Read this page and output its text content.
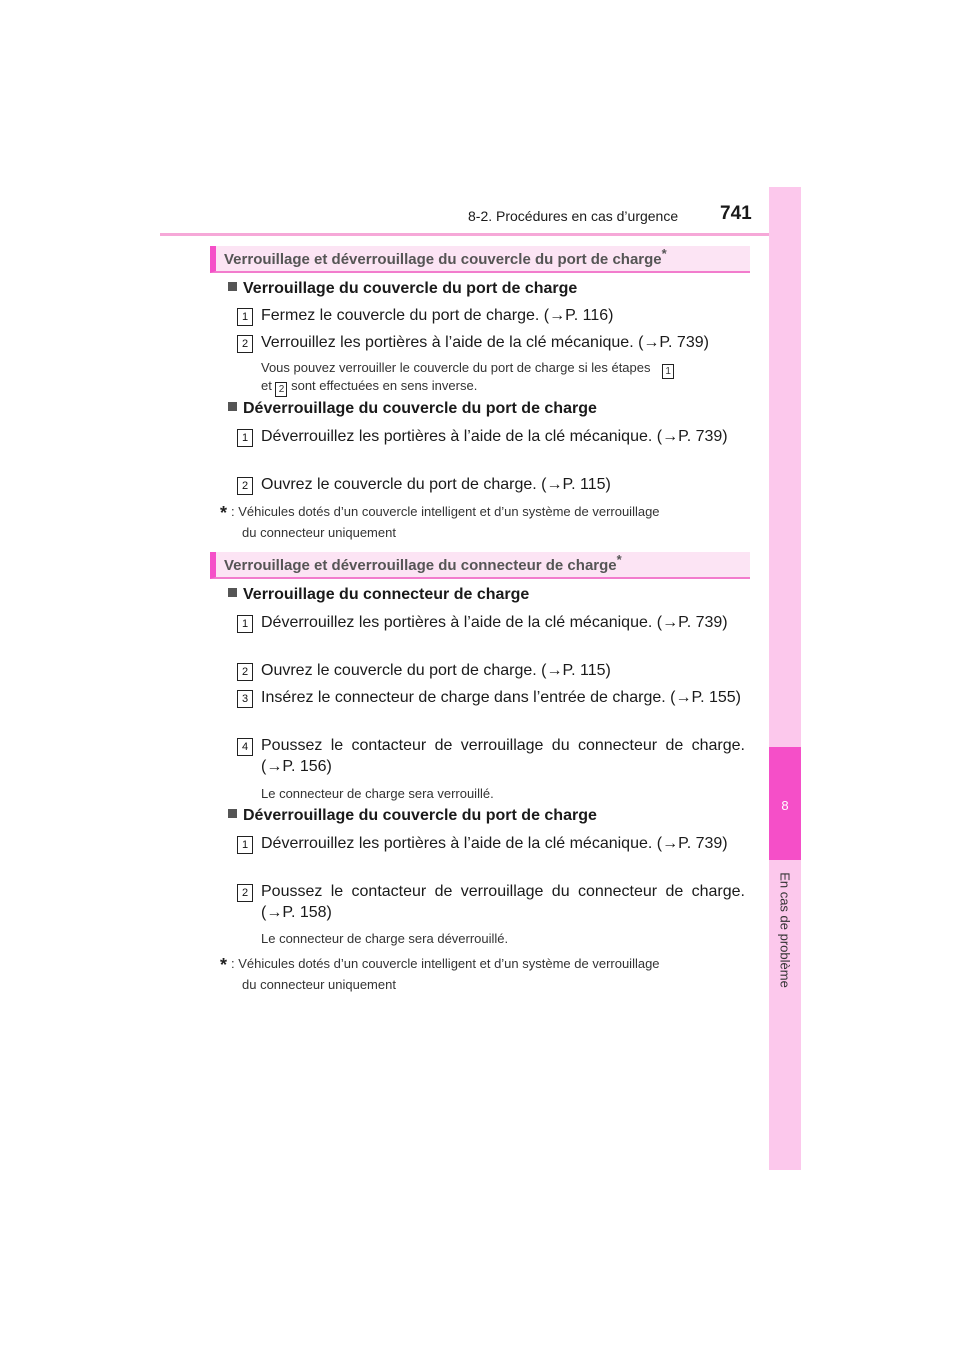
8-2. Procédures en cas d’urgence 741
8
En cas de problème
Verrouillage et déverrouillage du couvercle du port de charge*
Verrouillage du couvercle du port de charge
1 Fermez le couvercle du port de charge. (→P. 116)
2 Verrouillez les portières à l’aide de la clé mécanique. (→P. 739)
Vous pouvez verrouiller le couvercle du port de charge si les étapes 1
et 2 sont effectuées en sens inverse.
Déverrouillage du couvercle du port de charge
1 Déverrouillez les portières à l’aide de la clé mécanique. (→P. 739)
2 Ouvrez le couvercle du port de charge. (→P. 115)
* : Véhicules dotés d’un couvercle intelligent et d’un système de verrouillage
du connecteur uniquement
Verrouillage et déverrouillage du connecteur de charge*
Verrouillage du connecteur de charge
1 Déverrouillez les portières à l’aide de la clé mécanique. (→P. 739)
2 Ouvrez le couvercle du port de charge. (→P. 115)
3 Insérez le connecteur de charge dans l’entrée de charge. (→P. 155)
4 Poussez le contacteur de verrouillage du connecteur de charge. (→P. 156)
Le connecteur de charge sera verrouillé.
Déverrouillage du couvercle du port de charge
1 Déverrouillez les portières à l’aide de la clé mécanique. (→P. 739)
2 Poussez le contacteur de verrouillage du connecteur de charge. (→P. 158)
Le connecteur de charge sera déverrouillé.
* : Véhicules dotés d’un couvercle intelligent et d’un système de verrouillage
du connecteur uniquement
